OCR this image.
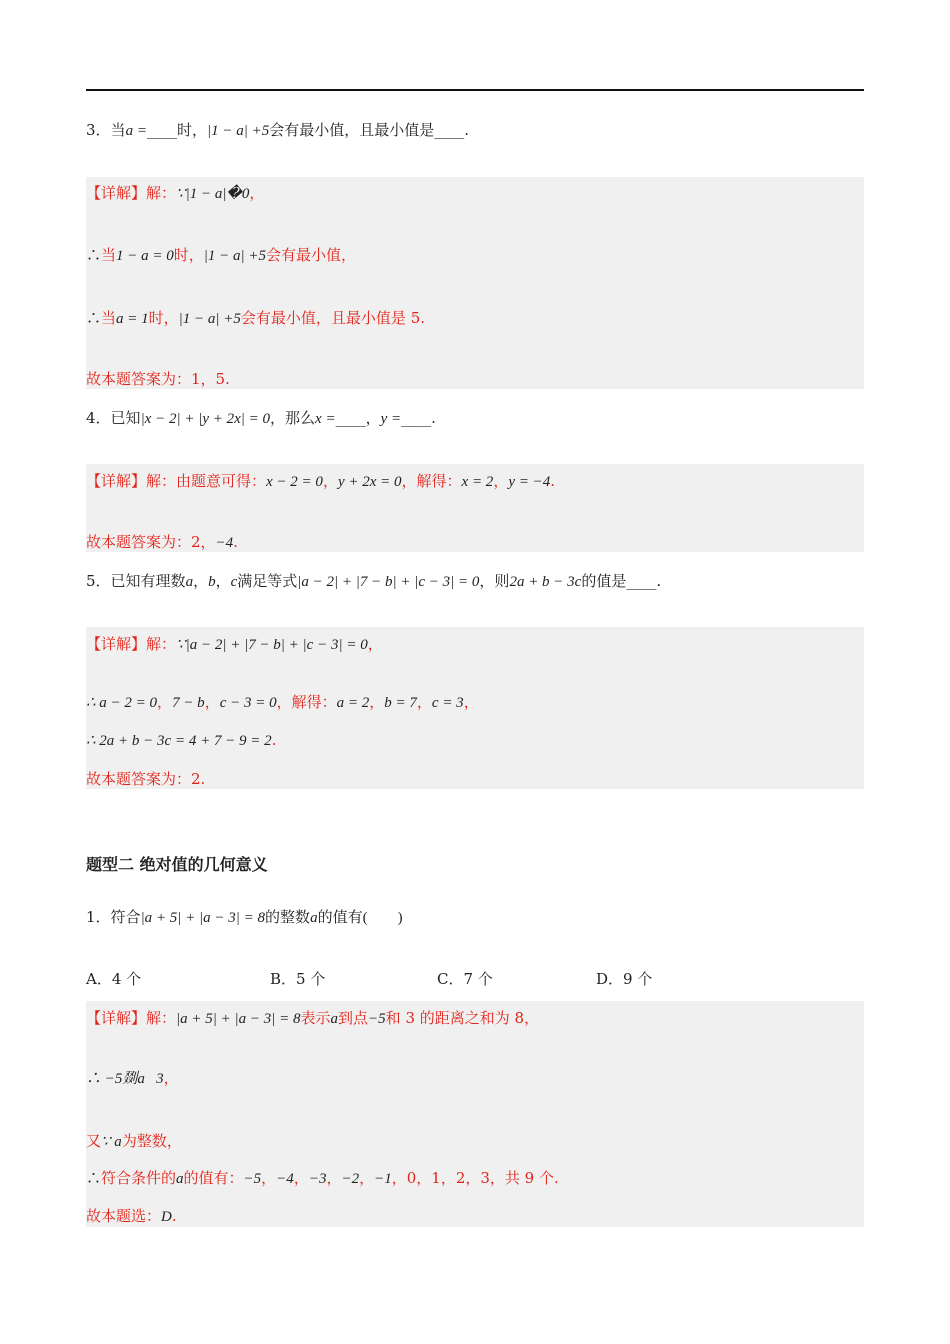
3．当a =____时，|1 − a| +5会有最小值，且最小值是____.
【详解】解：∵|1 − a|�0，
∴当1 − a = 0时，|1 − a| +5会有最小值，
∴当a = 1时，|1 − a| +5会有最小值，且最小值是 5.
故本题答案为：1，5.
4．已知|x − 2| + |y + 2x| = 0，那么x =____，y =____.
【详解】解：由题意可得：x − 2 = 0，y + 2x = 0，解得：x = 2，y = −4.
故本题答案为：2，−4.
5．已知有理数a，b，c满足等式|a − 2| + |7 − b| + |c − 3| = 0，则2a + b − 3c的值是____.
【详解】解：∵|a − 2| + |7 − b| + |c − 3| = 0，
∴ a − 2 = 0，7 − b，c − 3 = 0，解得：a = 2，b = 7，c = 3，
∴ 2a + b − 3c = 4 + 7 − 9 = 2.
故本题答案为：2.
题型二 绝对值的几何意义
1．符合|a + 5| + |a − 3| = 8的整数a的值有(        )
A．4 个	B．5 个	C．7 个	D．9 个
【详解】解：|a + 5| + |a − 3| = 8表示a到点−5和 3 的距离之和为 8，
∴ −5剟a   3，
又∵ a为整数，
∴符合条件的a的值有：−5，−4，−3，−2，−1，0，1，2，3，共 9 个.
故本题选：D.
